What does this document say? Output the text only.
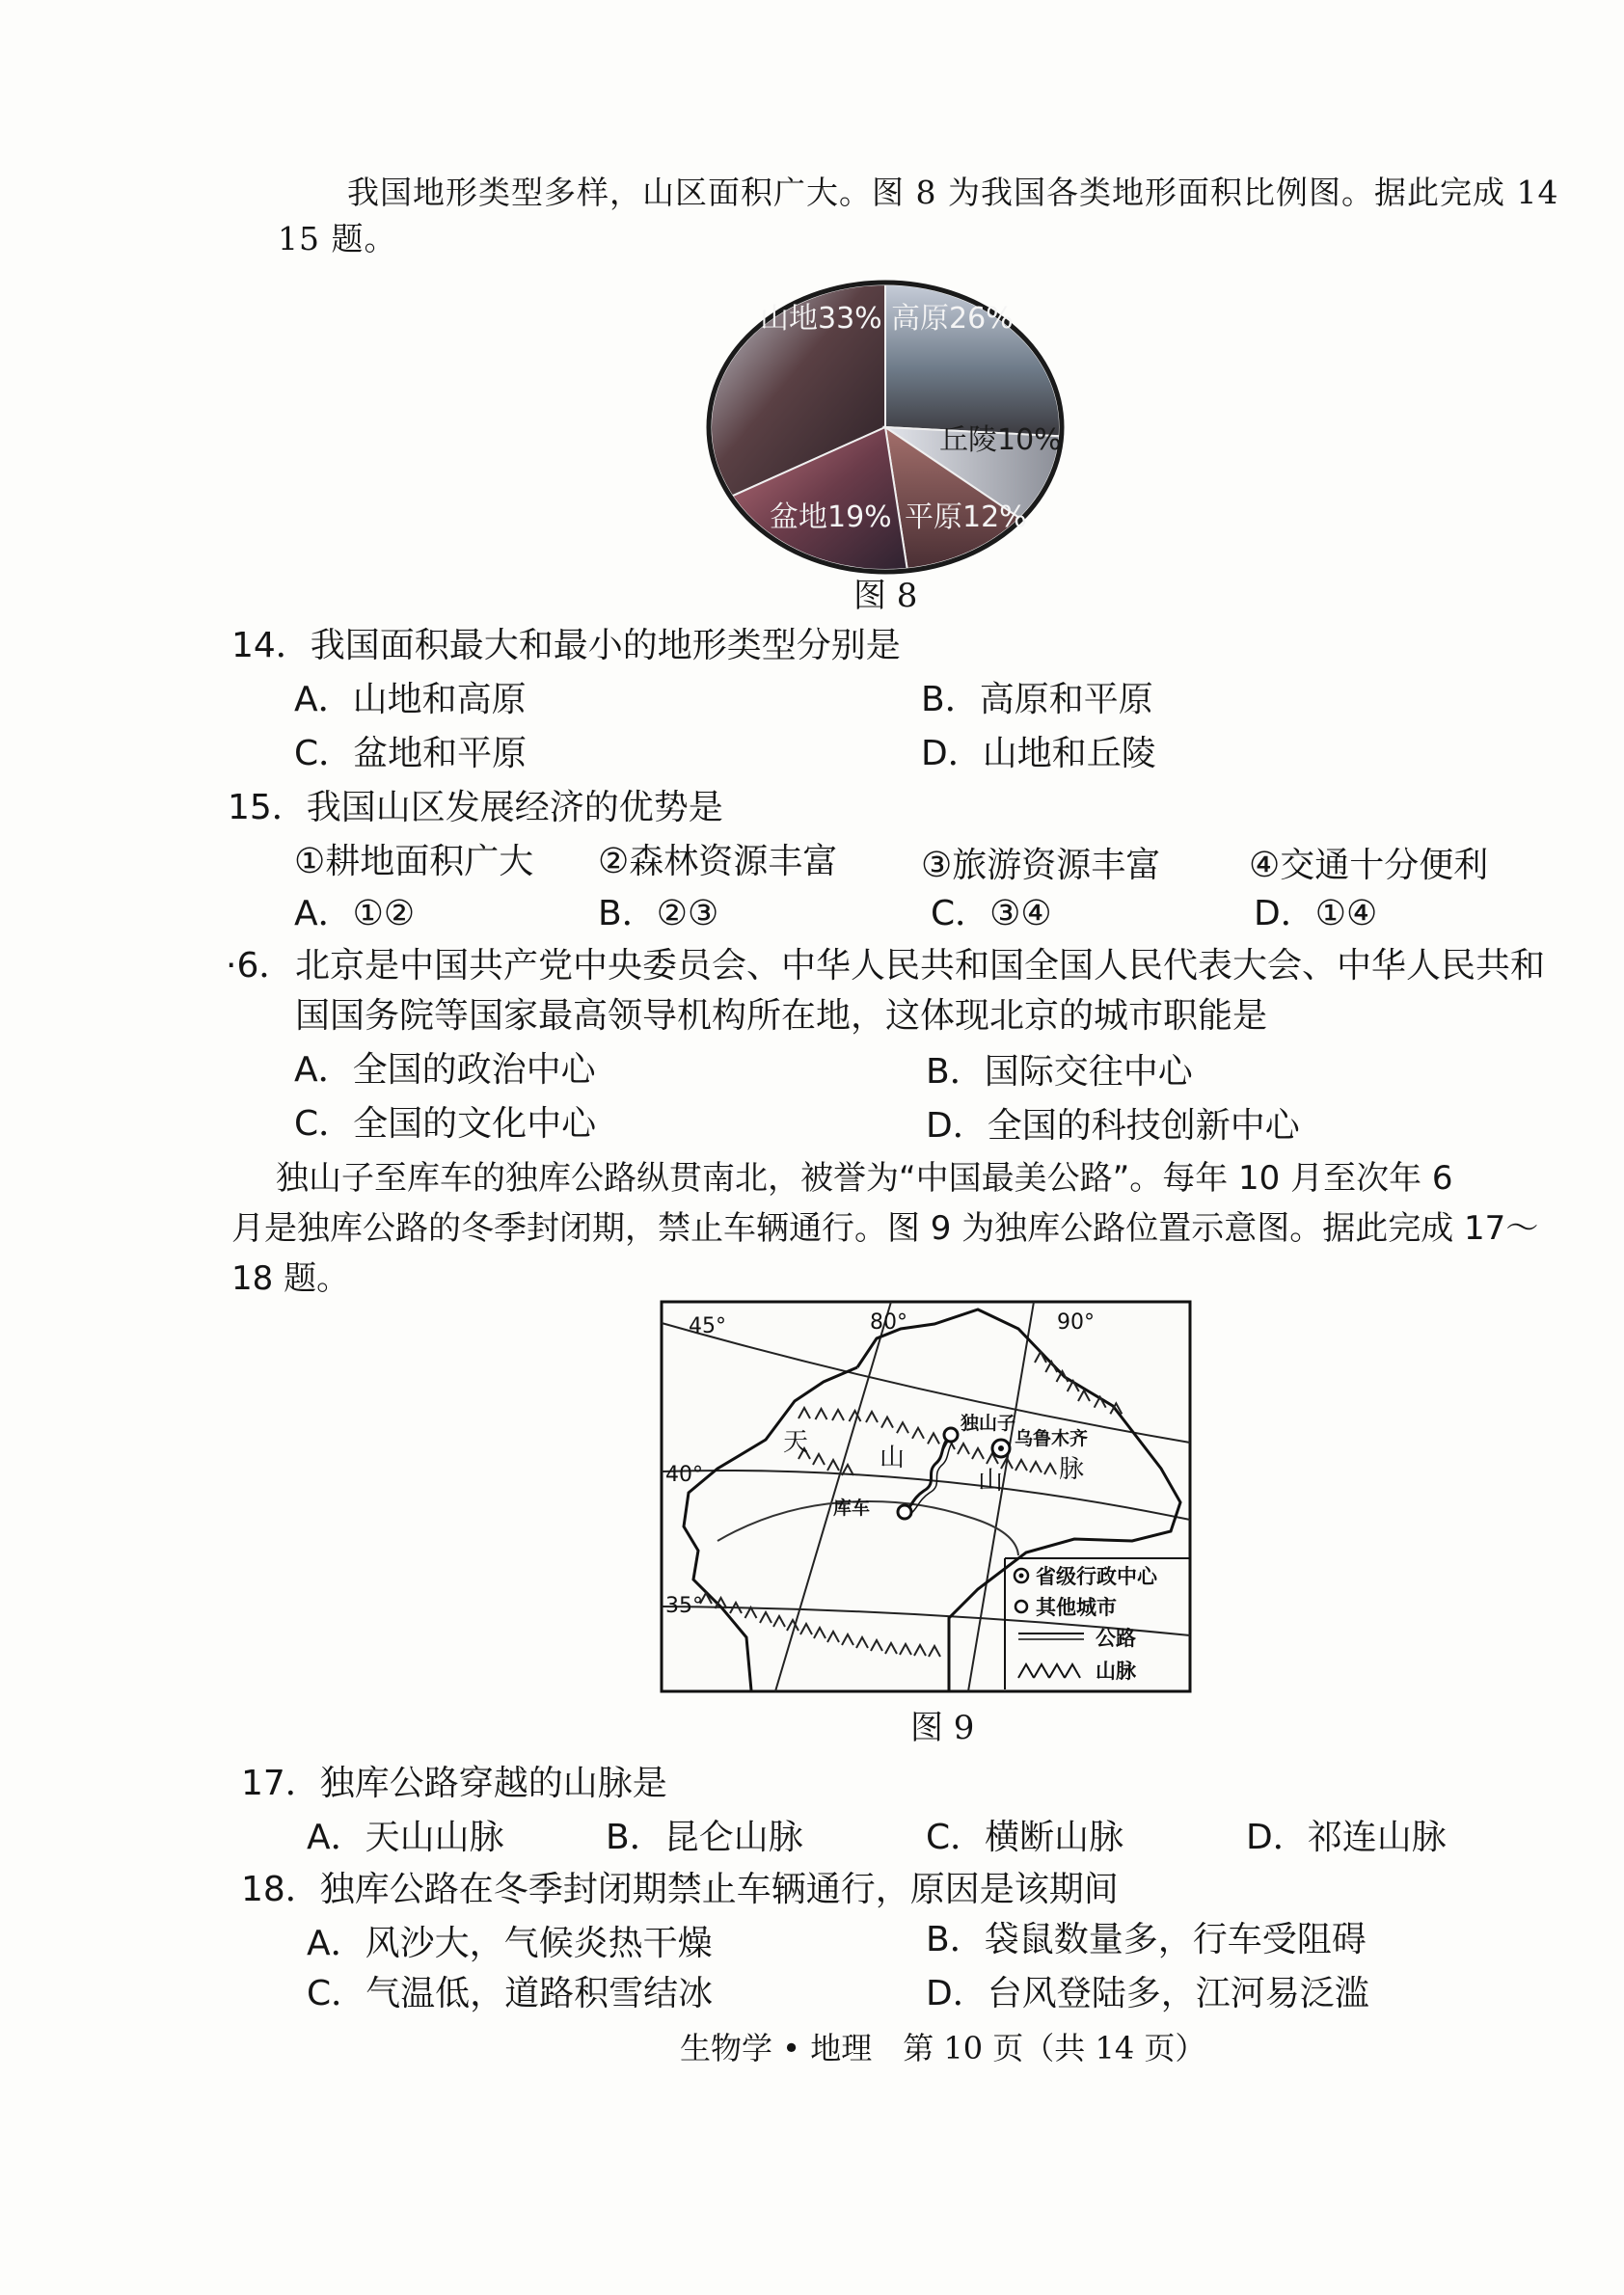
我国地形类型多样，山区面积广大。图 8 为我国各类地形面积比例图。据此完成 14
15 题。
山地33% 高原26%
丘陵10%
平原12%
盆地19%
图 8
14．我国面积最大和最小的地形类型分别是
A．山地和高原	B．高原和平原
C．盆地和平原	D．山地和丘陵
15．我国山区发展经济的优势是
①耕地面积广大 ②森林资源丰富 ③旅游资源丰富	④交通十分便利
A．①②	B．②③	C．③④	D．①④
·6． 北京是中国共产党中央委员会、中华人民共和国全国人民代表大会、中华人民共和
国国务院等国家最高领导机构所在地，这体现北京的城市职能是
A．全国的政治中心	B．国际交往中心
C．全国的文化中心	D．全国的科技创新中心
独山子至库车的独库公路纵贯南北，被誉为“中国最美公路”。每年 10 月至次年 6
月是独库公路的冬季封闭期，禁止车辆通行。图 9 为独库公路位置示意图。据此完成 17～
18 题。
80°	90°
45°
40°
35°
天
山
山 脉
独山子
乌鲁木齐
库车
省级行政中心
其他城市
公路
山脉
图 9
17．独库公路穿越的山脉是
A．天山山脉	B．昆仑山脉	C．横断山脉	D．祁连山脉
18．独库公路在冬季封闭期禁止车辆通行，原因是该期间
A．风沙大，气候炎热干燥	B．袋鼠数量多，行车受阻碍
C．气温低，道路积雪结冰	D．台风登陆多，江河易泛滥
生物学 • 地理　第 10 页（共 14 页）
